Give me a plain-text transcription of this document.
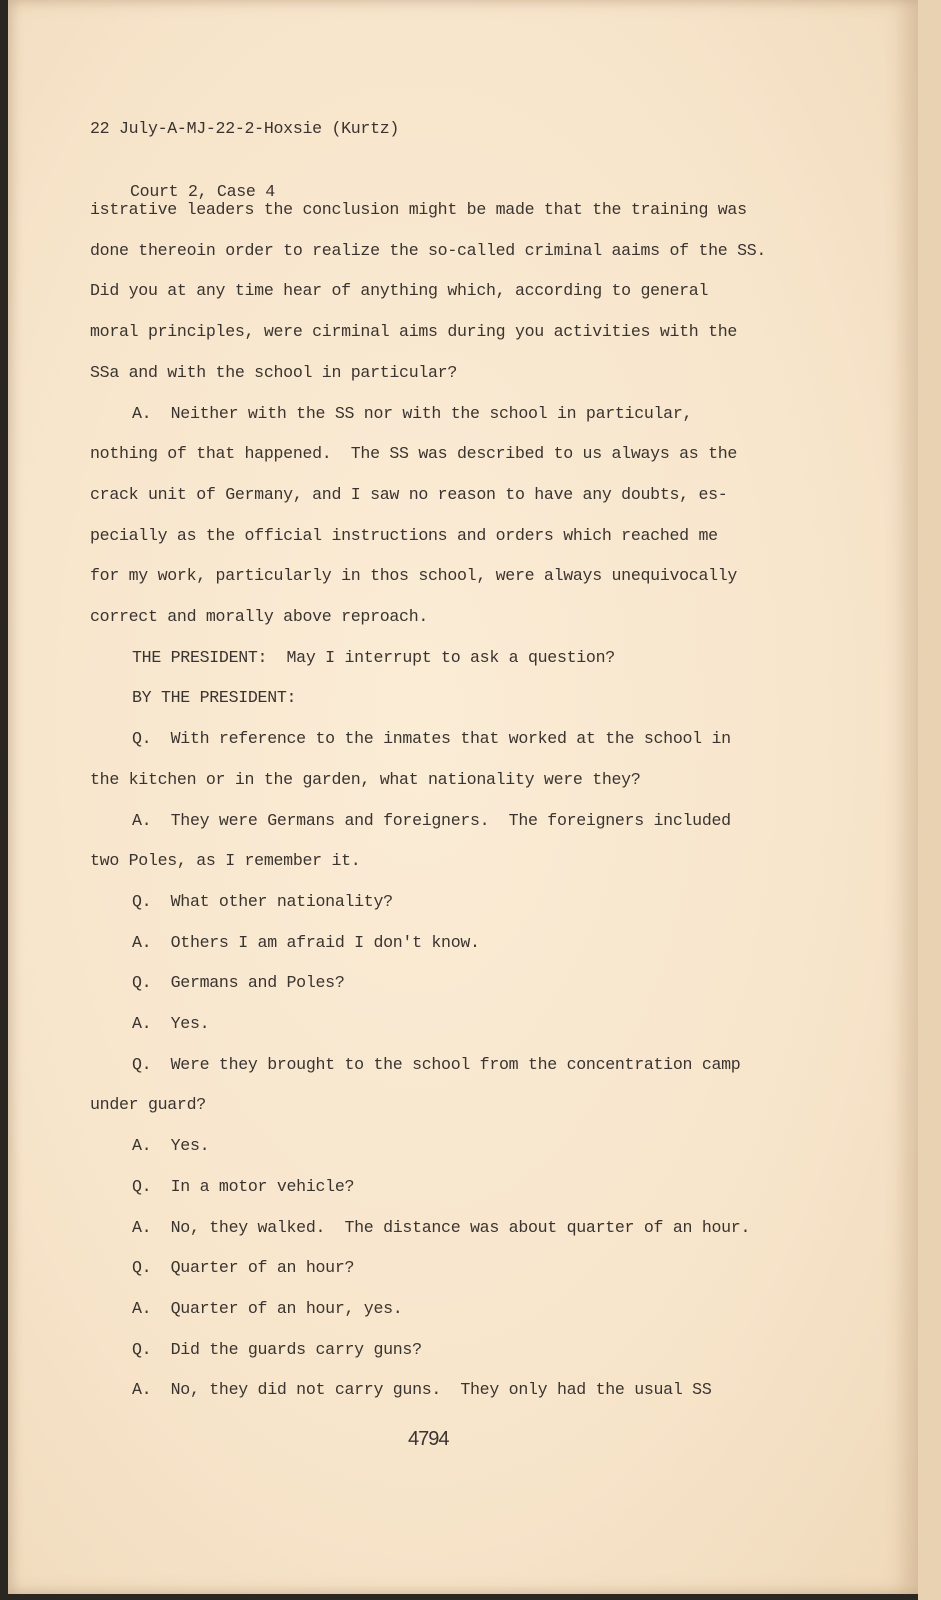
22 July-A-MJ-22-2-Hoxsie (Kurtz)

Court 2, Case 4

istrative leaders the conclusion might be made that the training was
done thereoin order to realize the so-called criminal aaims of the SS.
Did you at any time hear of anything which, according to general
moral principles, were cirminal aims during you activities with the
SSa and with the school in particular?
A.  Neither with the SS nor with the school in particular,
nothing of that happened.  The SS was described to us always as the
crack unit of Germany, and I saw no reason to have any doubts, es-
pecially as the official instructions and orders which reached me
for my work, particularly in thos school, were always unequivocally
correct and morally above reproach.
THE PRESIDENT:  May I interrupt to ask a question?
BY THE PRESIDENT:
Q.  With reference to the inmates that worked at the school in
the kitchen or in the garden, what nationality were they?
A.  They were Germans and foreigners.  The foreigners included
two Poles, as I remember it.
Q.  What other nationality?
A.  Others I am afraid I don't know.
Q.  Germans and Poles?
A.  Yes.
Q.  Were they brought to the school from the concentration camp
under guard?
A.  Yes.
Q.  In a motor vehicle?
A.  No, they walked.  The distance was about quarter of an hour.
Q.  Quarter of an hour?
A.  Quarter of an hour, yes.
Q.  Did the guards carry guns?
A.  No, they did not carry guns.  They only had the usual SS
4794
